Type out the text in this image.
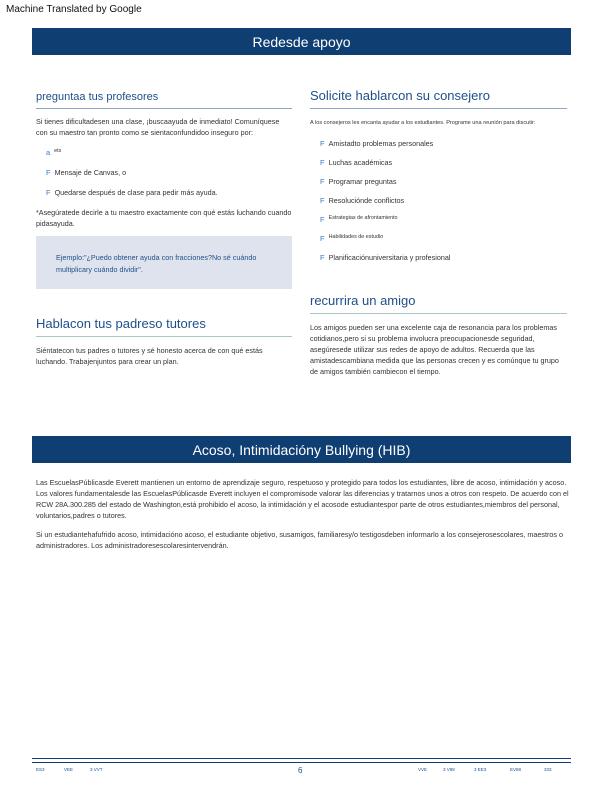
Machine Translated by Google
Redesde apoyo
preguntaa tus profesores
Si tienes dificultadesen una clase, ¡buscaayuda de inmediato! Comuníquese con su maestro tan pronto como se sientaconfundidoo inseguro por:
a ets
F Mensaje de Canvas, o
F Quedarse después de clase para pedir más ayuda.
*Asegúratede decirle a tu maestro exactamente con qué estás luchando cuando pidasayuda.
Ejemplo:"¿Puedo obtener ayuda con fracciones?No sé cuándo multiplicary cuándo dividir".
Hablacon tus padreso tutores
Siéntatecon tus padres o tutores y sé honesto acerca de con qué estás luchando. Trabajenjuntos para crear un plan.
Solicite hablarcon su consejero
A los consejeros les encanta ayudar a los estudiantes. Programe una reunión para discutir:
F Amistadto problemas personales
F Luchas académicas
F Programar preguntas
F Resoluciónde conflictos
F Estrategias de afrontamiento
F Habilidades de estudio
F Planificaciónuniversitaria y profesional
recurrira un amigo
Los amigos pueden ser una excelente caja de resonancia para los problemas cotidianos,pero si su problema involucra preocupacionesde seguridad, asegúresede utilizar sus redes de apoyo de adultos. Recuerda que las amistadescambiana medida que las personas crecen y es comúnque tu grupo de amigos también cambiecon el tiempo.
Acoso, Intimidacióny Bullying (HIB)
Las EscuelasPúblicasde Everett mantienen un entorno de aprendizaje seguro, respetuoso y protegido para todos los estudiantes, libre de acoso, intimidación y acoso. Los valores fundamentalesde las EscuelasPúblicasde Everett incluyen el compromisode valorar las diferencias y tratarnos unos a otros con respeto. De acuerdo con el RCW 28A.300.285 del estado de Washington,está prohibido el acoso, la intimidación y el acosode estudiantespor parte de otros estudiantes,miembros del personal, voluntarios,padres o tutores.
Si un estudiantehafufrido acoso, intimidacióno acoso, el estudiante objetivo, susamigos, familiaresy/o testigosdeben informarlo a los consejerosescolares, maestros o administradores. Los administradoresescolaresintervendrán.
ES3	VEE	3 VVT	6	VVE	3 V88	3 EE3	EV88	333
